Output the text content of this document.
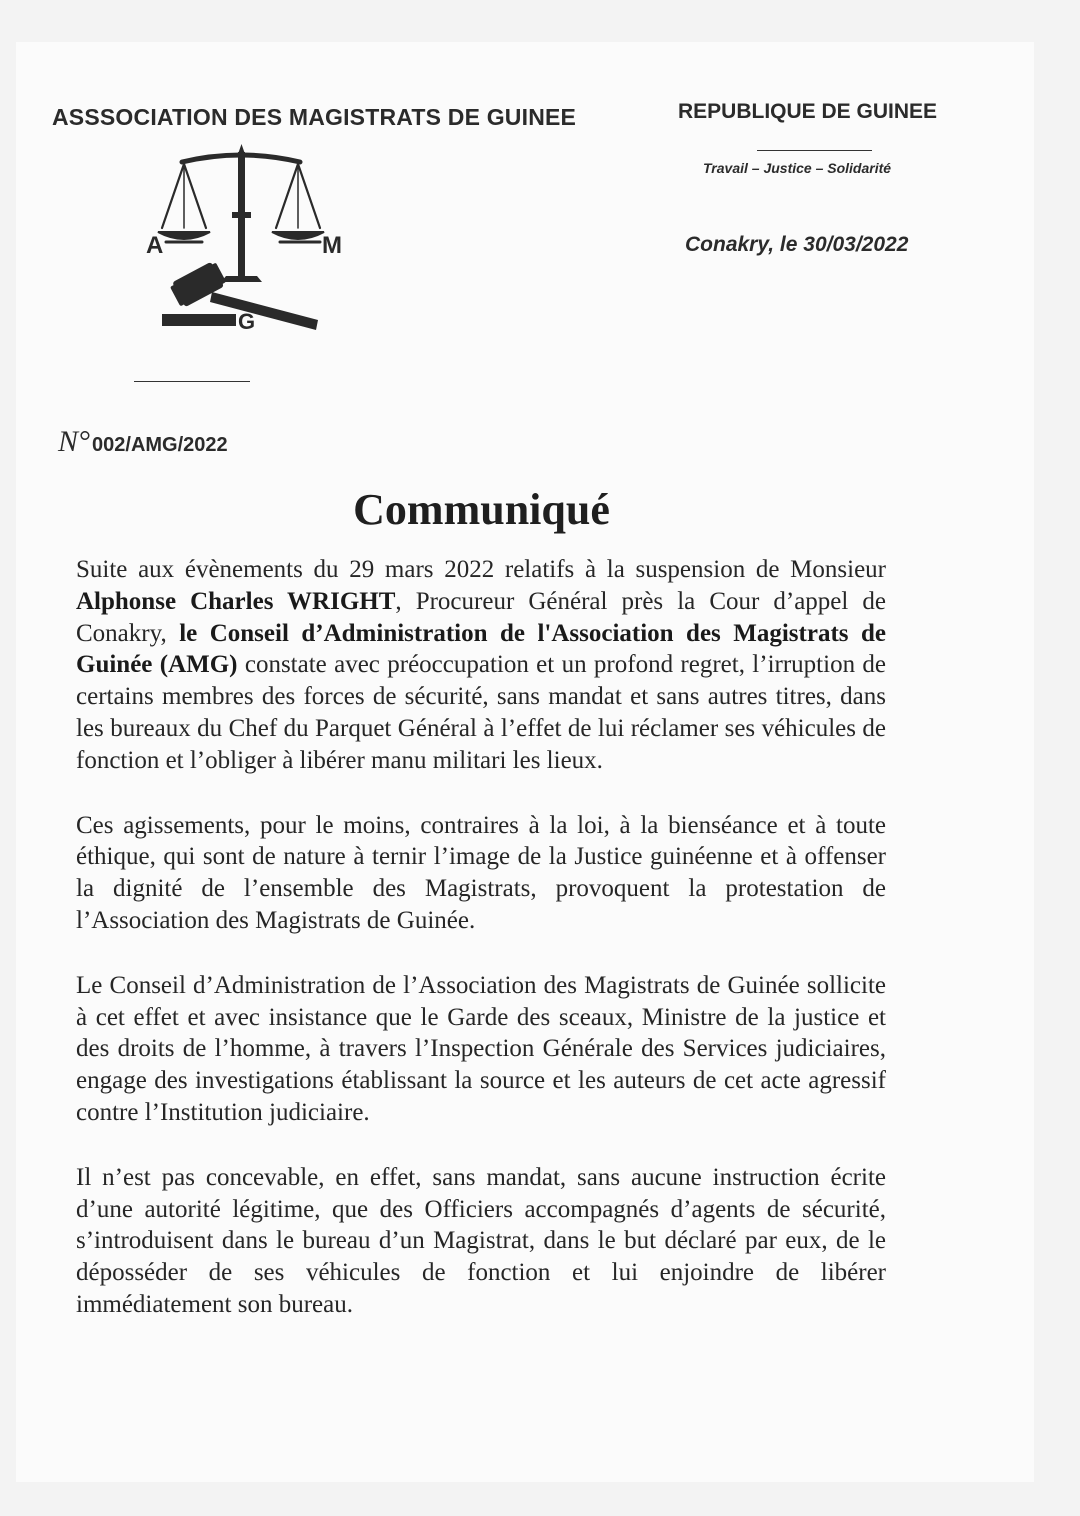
ASSSOCIATION DES MAGISTRATS DE GUINEE	REPUBLIQUE DE GUINEE
Travail – Justice – Solidarité
Conakry, le 30/03/2022
A	M
G
N° 002/AMG/2022
Communiqué

Suite aux évènements du 29 mars 2022 relatifs à la suspension de Monsieur Alphonse Charles WRIGHT, Procureur Général près la Cour d’appel de Conakry, le Conseil d’Administration de l'Association des Magistrats de Guinée (AMG) constate avec préoccupation et un profond regret, l’irruption de certains membres des forces de sécurité, sans mandat et sans autres titres, dans les bureaux du Chef du Parquet Général à l’effet de lui réclamer ses véhicules de fonction et l’obliger à libérer manu militari les lieux.

Ces agissements, pour le moins, contraires à la loi, à la bienséance et à toute éthique, qui sont de nature à ternir l’image de la Justice guinéenne et à offenser la dignité de l’ensemble des Magistrats, provoquent la protestation de l’Association des Magistrats de Guinée.

Le Conseil d’Administration de l’Association des Magistrats de Guinée sollicite à cet effet et avec insistance que le Garde des sceaux, Ministre de la justice et des droits de l’homme, à travers l’Inspection Générale des Services judiciaires, engage des investigations établissant la source et les auteurs de cet acte agressif contre l’Institution judiciaire.

Il n’est pas concevable, en effet, sans mandat, sans aucune instruction écrite d’une autorité légitime, que des Officiers accompagnés d’agents de sécurité, s’introduisent dans le bureau d’un Magistrat, dans le but déclaré par eux, de le déposséder de ses véhicules de fonction et lui enjoindre de libérer immédiatement son bureau.
